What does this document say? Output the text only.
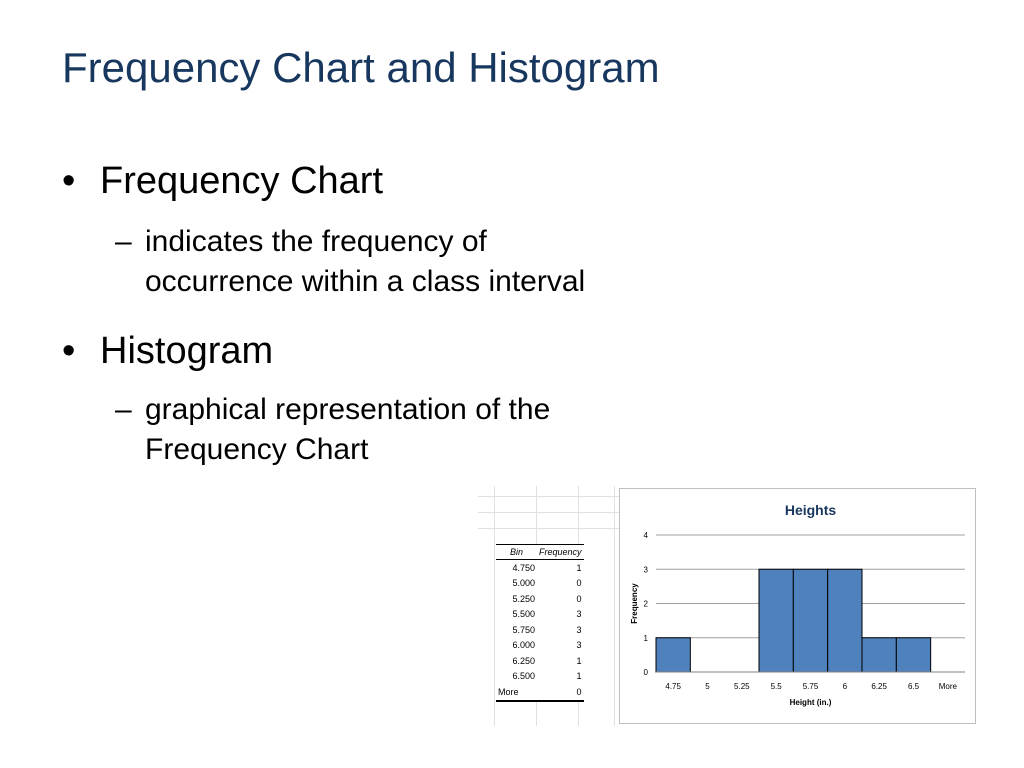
Frequency Chart and Histogram
• Frequency Chart
– indicates the frequency of
occurrence within a class interval
• Histogram
– graphical representation of the
Frequency Chart
Bin	Frequency
4.750	1
5.000	0
5.250	0
5.500	3
5.750	3
6.000	3
6.250	1
6.500	1
More	0
Heights
0
1
2
3
4
4.75	5	5.25	5.5	5.75	6	6.25	6.5 More
Height (in.)
Frequency
